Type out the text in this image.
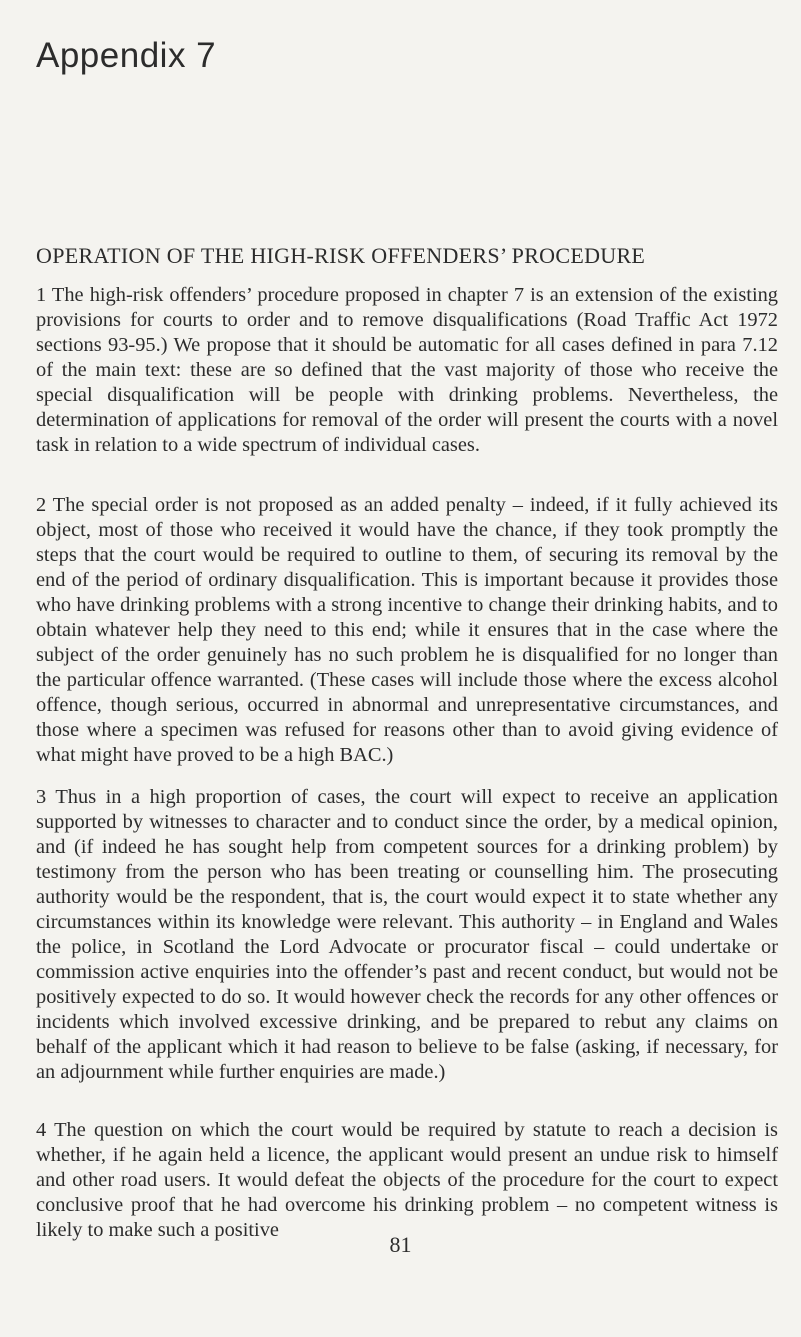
Appendix 7
OPERATION OF THE HIGH-RISK OFFENDERS’ PROCEDURE

1 The high-risk offenders’ procedure proposed in chapter 7 is an extension of the existing provisions for courts to order and to remove disqualifications (Road Traffic Act 1972 sections 93-95.) We propose that it should be automatic for all cases defined in para 7.12 of the main text: these are so defined that the vast majority of those who receive the special disqualification will be people with drinking problems. Nevertheless, the determination of applications for removal of the order will present the courts with a novel task in relation to a wide spectrum of individual cases.

2 The special order is not proposed as an added penalty – indeed, if it fully achieved its object, most of those who received it would have the chance, if they took promptly the steps that the court would be required to outline to them, of securing its removal by the end of the period of ordinary disqualification. This is important because it provides those who have drinking problems with a strong incentive to change their drinking habits, and to obtain whatever help they need to this end; while it ensures that in the case where the subject of the order genuinely has no such problem he is disqualified for no longer than the particular offence warranted. (These cases will include those where the excess alcohol offence, though serious, occurred in abnormal and unrepresentative circumstances, and those where a specimen was refused for reasons other than to avoid giving evidence of what might have proved to be a high BAC.)

3 Thus in a high proportion of cases, the court will expect to receive an application supported by witnesses to character and to conduct since the order, by a medical opinion, and (if indeed he has sought help from competent sources for a drinking problem) by testimony from the person who has been treating or counselling him. The prosecuting authority would be the respondent, that is, the court would expect it to state whether any circumstances within its knowledge were relevant. This authority – in England and Wales the police, in Scotland the Lord Advocate or procurator fiscal – could undertake or commission active enquiries into the offender’s past and recent conduct, but would not be positively expected to do so. It would however check the records for any other offences or incidents which involved excessive drinking, and be prepared to rebut any claims on behalf of the applicant which it had reason to believe to be false (asking, if necessary, for an adjournment while further enquiries are made.)

4 The question on which the court would be required by statute to reach a decision is whether, if he again held a licence, the applicant would present an undue risk to himself and other road users. It would defeat the objects of the procedure for the court to expect conclusive proof that he had overcome his drinking problem – no competent witness is likely to make such a positive

81
